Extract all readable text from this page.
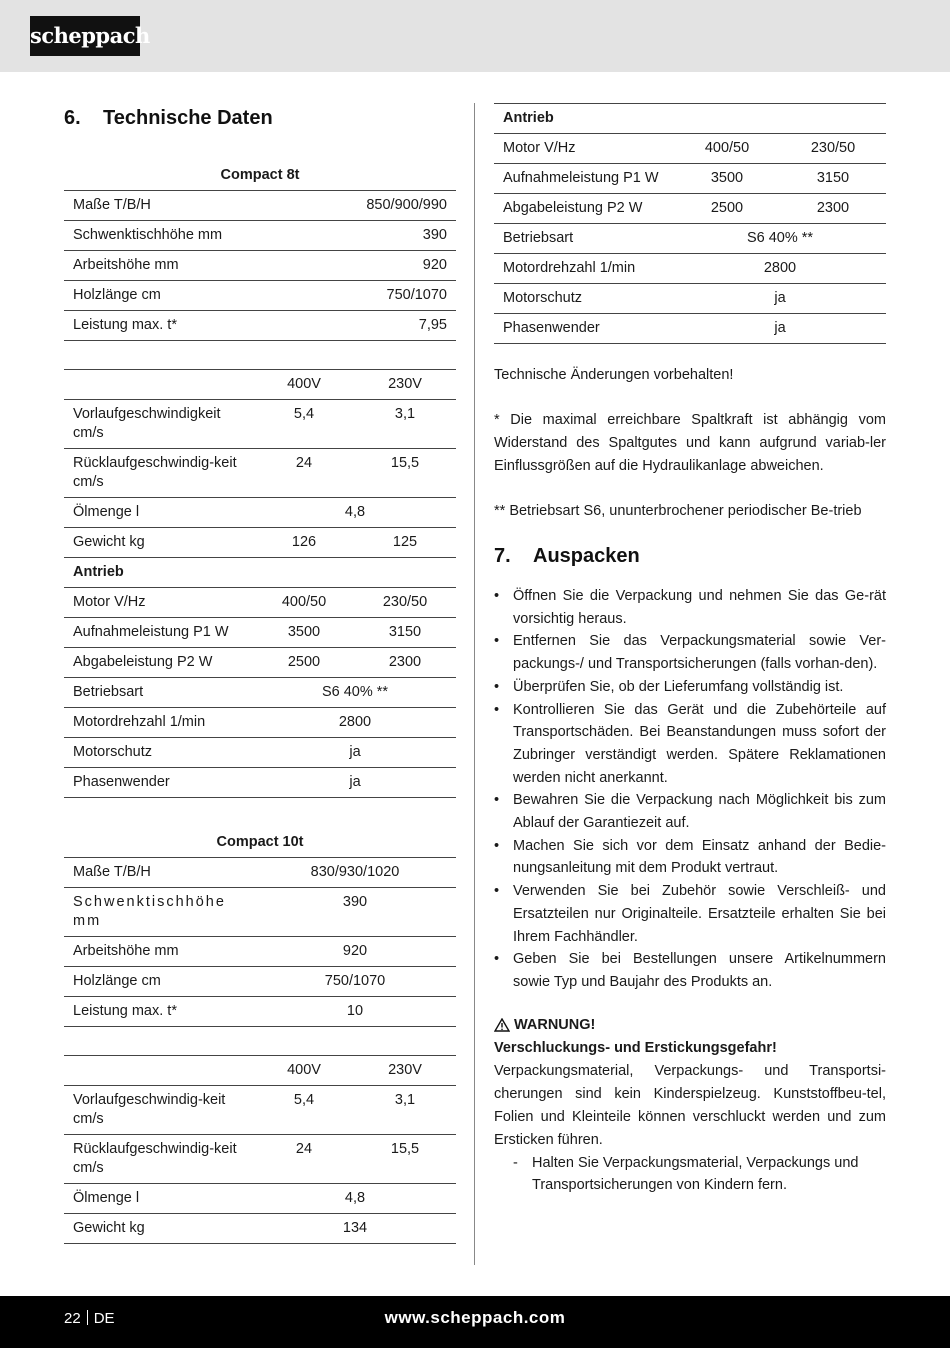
scheppach
6.	Technische Daten
Compact 8t
Maße T/B/H	850/900/990
Schwenktischhöhe mm	390
Arbeitshöhe mm	920
Holzlänge cm	750/1070
Leistung max. t*	7,95

	400V	230V
Vorlaufgeschwindigkeit cm/s	5,4	3,1
Rücklaufgeschwindig-keit cm/s	24	15,5
Ölmenge l	4,8	
Gewicht kg	126	125
Antrieb		
Motor V/Hz	400/50	230/50
Aufnahmeleistung P1 W	3500	3150
Abgabeleistung P2 W	2500	2300
Betriebsart	S6 40% **	
Motordrehzahl 1/min	2800	
Motorschutz	ja	
Phasenwender	ja	
Compact 10t
Maße T/B/H	830/930/1020
Schwenktischhöhe mm	390
Arbeitshöhe mm	920
Holzlänge cm	750/1070
Leistung max. t*	10

	400V	230V
Vorlaufgeschwindig-keit cm/s	5,4	3,1
Rücklaufgeschwindig-keit cm/s	24	15,5
Ölmenge l	4,8	
Gewicht kg	134	
Antrieb		
Motor V/Hz	400/50	230/50
Aufnahmeleistung P1 W	3500	3150
Abgabeleistung P2 W	2500	2300
Betriebsart	S6 40% **	
Motordrehzahl 1/min	2800	
Motorschutz	ja	
Phasenwender	ja	

Technische Änderungen vorbehalten!

* Die maximal erreichbare Spaltkraft ist abhängig vom Widerstand des Spaltgutes und kann aufgrund variab-ler Einflussgrößen auf die Hydraulikanlage abweichen.

** Betriebsart S6, ununterbrochener periodischer Be-trieb

7.	Auspacken
• Öffnen Sie die Verpackung und nehmen Sie das Ge-rät vorsichtig heraus.
• Entfernen Sie das Verpackungsmaterial sowie Ver-packungs-/ und Transportsicherungen (falls vorhan-den).
• Überprüfen Sie, ob der Lieferumfang vollständig ist.
• Kontrollieren Sie das Gerät und die Zubehörteile auf Transportschäden. Bei Beanstandungen muss sofort der Zubringer verständigt werden. Spätere Reklamationen werden nicht anerkannt.
• Bewahren Sie die Verpackung nach Möglichkeit bis zum Ablauf der Garantiezeit auf.
• Machen Sie sich vor dem Einsatz anhand der Bedie-nungsanleitung mit dem Produkt vertraut.
• Verwenden Sie bei Zubehör sowie Verschleiß- und Ersatzteilen nur Originalteile. Ersatzteile erhalten Sie bei Ihrem Fachhändler.
• Geben Sie bei Bestellungen unsere Artikelnummern sowie Typ und Baujahr des Produkts an.
WARNUNG!
Verschluckungs- und Erstickungsgefahr!

Verpackungsmaterial, Verpackungs- und Transportsi-cherungen sind kein Kinderspielzeug. Kunststoffbeu-tel, Folien und Kleinteile können verschluckt werden und zum Ersticken führen.

- Halten Sie Verpackungsmaterial, Verpackungs und Transportsicherungen von Kindern fern.
22 DE	www.scheppach.com
